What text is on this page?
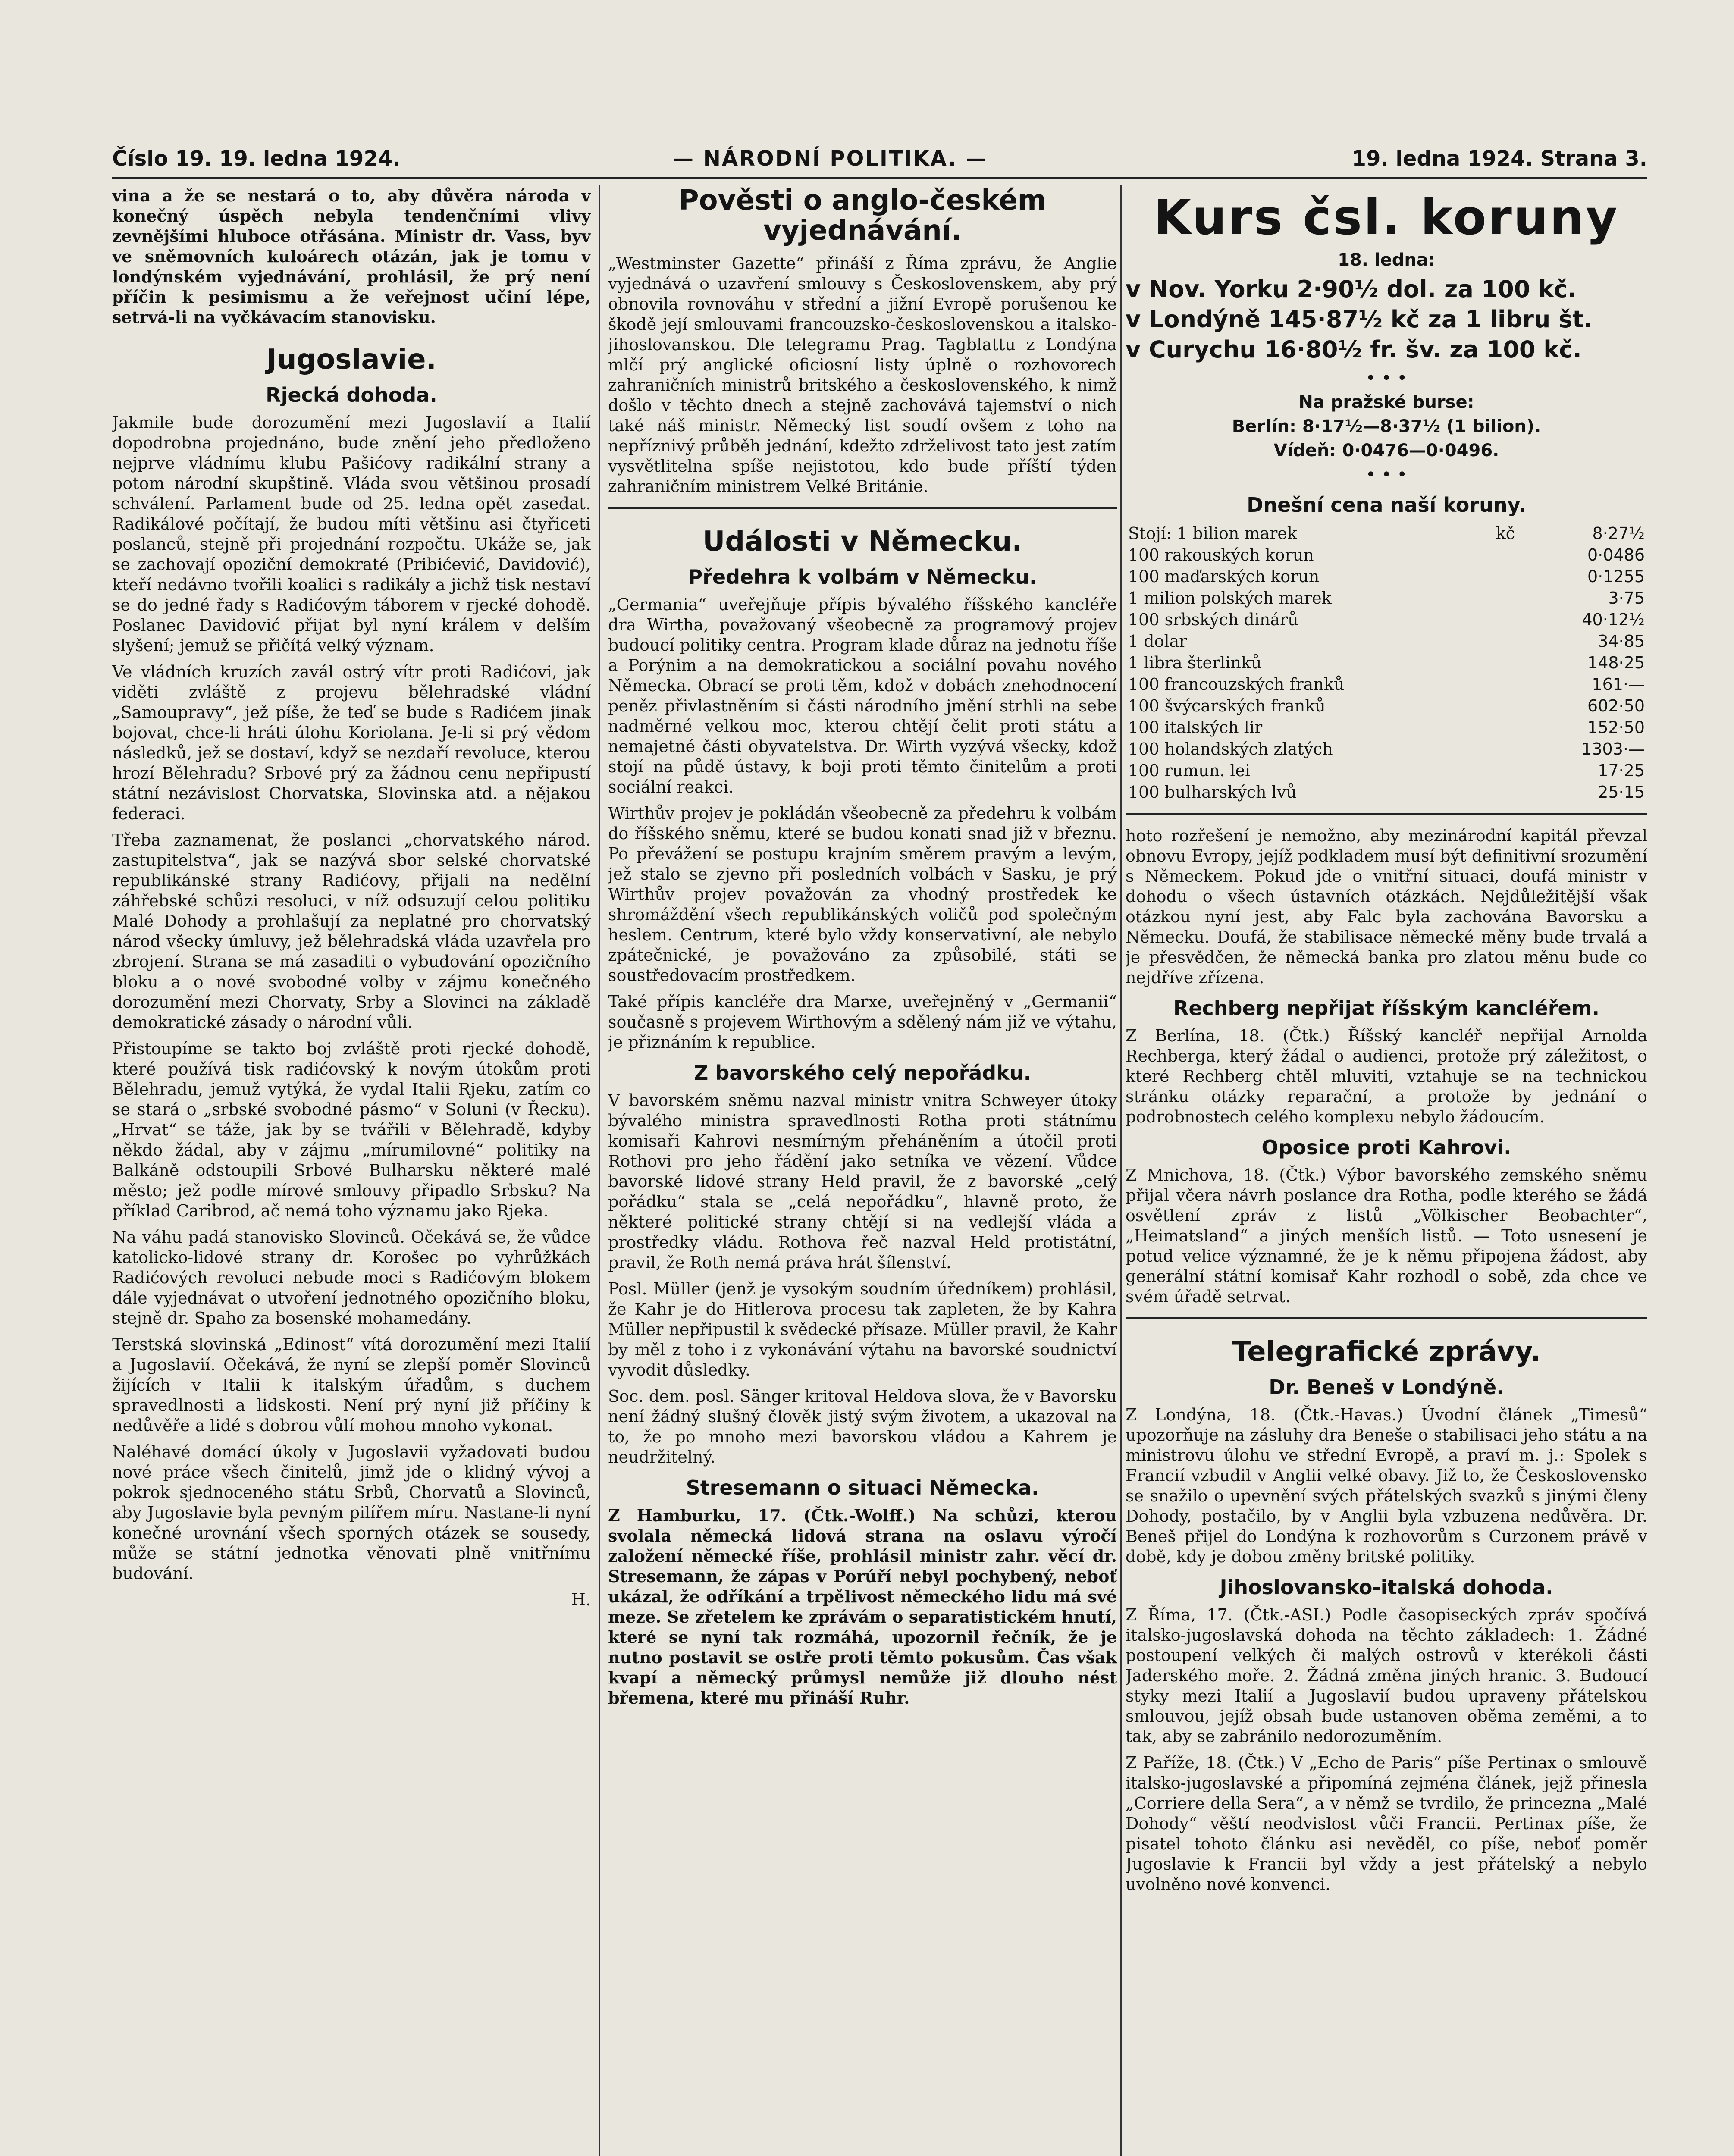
Číslo 19. 19. ledna 1924.	— NÁRODNÍ POLITIKA. —	19. ledna 1924. Strana 3.

vina a že se nestará o to, aby důvěra národa v konečný úspěch nebyla tendenčními vlivy zevnějšími hluboce otřásána. Ministr dr. Vass, byv ve sněmovních kuloárech otázán, jak je tomu v londýnském vyjednávání, prohlásil, že prý není příčin k pesimismu a že veřejnost učiní lépe, setrvá-li na vyčkávacím stanovisku.

Jugoslavie.
Rjecká dohoda.

Jakmile bude dorozumění mezi Jugoslavií a Italií dopodrobna projednáno, bude znění jeho předloženo nejprve vládnímu klubu Pašićovy radikální strany a potom národní skupštině. Vláda svou většinou prosadí schválení. Parlament bude od 25. ledna opět zasedat. Radikálové počítají, že budou míti většinu asi čtyřiceti poslanců, stejně při projednání rozpočtu. Ukáže se, jak se zachovají opoziční demokraté (Pribićević, Davidović), kteří nedávno tvořili koalici s radikály a jichž tisk nestaví se do jedné řady s Radićovým táborem v rjecké dohodě. Poslanec Davidović přijat byl nyní králem v delším slyšení; jemuž se přičítá velký význam.

Ve vládních kruzích zavál ostrý vítr proti Radićovi, jak viděti zvláště z projevu bělehradské vládní „Samoupravy“, jež píše, že teď se bude s Radićem jinak bojovat, chce-li hráti úlohu Koriolana. Je-li si prý vědom následků, jež se dostaví, když se nezdaří revoluce, kterou hrozí Bělehradu? Srbové prý za žádnou cenu nepřipustí státní nezávislost Chorvatska, Slovinska atd. a nějakou federaci.

Třeba zaznamenat, že poslanci „chorvatského národ. zastupitelstva“, jak se nazývá sbor selské chorvatské republikánské strany Radićovy, přijali na nedělní záhřebské schůzi resoluci, v níž odsuzují celou politiku Malé Dohody a prohlašují za neplatné pro chorvatský národ všecky úmluvy, jež bělehradská vláda uzavřela pro zbrojení. Strana se má zasaditi o vybudování opozičního bloku a o nové svobodné volby v zájmu konečného dorozumění mezi Chorvaty, Srby a Slovinci na základě demokratické zásady o národní vůli.

Přistoupíme se takto boj zvláště proti rjecké dohodě, které používá tisk radićovský k novým útokům proti Bělehradu, jemuž vytýká, že vydal Italii Rjeku, zatím co se stará o „srbské svobodné pásmo“ v Soluni (v Řecku). „Hrvat“ se táže, jak by se tvářili v Bělehradě, kdyby někdo žádal, aby v zájmu „mírumilovné“ politiky na Balkáně odstoupili Srbové Bulharsku některé malé město; jež podle mírové smlouvy připadlo Srbsku? Na příklad Caribrod, ač nemá toho významu jako Rjeka.

Na váhu padá stanovisko Slovinců. Očekává se, že vůdce katolicko-lidové strany dr. Korošec po vyhrůžkách Radićových revoluci nebude moci s Radićovým blokem dále vyjednávat o utvoření jednotného opozičního bloku, stejně dr. Spaho za bosenské mohamedány.

Terstská slovinská „Edinost“ vítá dorozumění mezi Italií a Jugoslavií. Očekává, že nyní se zlepší poměr Slovinců žijících v Italii k italským úřadům, s duchem spravedlnosti a lidskosti. Není prý nyní již příčiny k nedůvěře a lidé s dobrou vůlí mohou mnoho vykonat.

Naléhavé domácí úkoly v Jugoslavii vyžadovati budou nové práce všech činitelů, jimž jde o klidný vývoj a pokrok sjednoceného státu Srbů, Chorvatů a Slovinců, aby Jugoslavie byla pevným pilířem míru. Nastane-li nyní konečné urovnání všech sporných otázek se sousedy, může se státní jednotka věnovati plně vnitřnímu budování.

H.

Pověsti o anglo-českém vyjednávání.

„Westminster Gazette“ přináší z Říma zprávu, že Anglie vyjednává o uzavření smlouvy s Československem, aby prý obnovila rovnováhu v střední a jižní Evropě porušenou ke škodě její smlouvami francouzsko-československou a italsko-jihoslovanskou. Dle telegramu Prag. Tagblattu z Londýna mlčí prý anglické oficiosní listy úplně o rozhovorech zahraničních ministrů britského a československého, k nimž došlo v těchto dnech a stejně zachovává tajemství o nich také náš ministr. Německý list soudí ovšem z toho na nepříznivý průběh jednání, kdežto zdrželivost tato jest zatím vysvětlitelna spíše nejistotou, kdo bude příští týden zahraničním ministrem Velké Británie.

Události v Německu.
Předehra k volbám v Německu.

„Germania“ uveřejňuje přípis bývalého říšského kancléře dra Wirtha, považovaný všeobecně za programový projev budoucí politiky centra. Program klade důraz na jednotu říše a Porýnim a na demokratickou a sociální povahu nového Německa. Obrací se proti těm, kdož v dobách znehodnocení peněz přivlastněním si části národního jmění strhli na sebe nadměrné velkou moc, kterou chtějí čelit proti státu a nemajetné části obyvatelstva. Dr. Wirth vyzývá všecky, kdož stojí na půdě ústavy, k boji proti těmto činitelům a proti sociální reakci.

Wirthův projev je pokládán všeobecně za předehru k volbám do říšského sněmu, které se budou konati snad již v březnu. Po převážení se postupu krajním směrem pravým a levým, jež stalo se zjevno při posledních volbách v Sasku, je prý Wirthův projev považován za vhodný prostředek ke shromáždění všech republikánských voličů pod společným heslem. Centrum, které bylo vždy konservativní, ale nebylo zpátečnické, je považováno za způsobilé, státi se soustředovacím prostředkem.

Také přípis kancléře dra Marxe, uveřejněný v „Germanii“ současně s projevem Wirthovým a sdělený nám již ve výtahu, je přiznáním k republice.

Z bavorského celý nepořádku.

V bavorském sněmu nazval ministr vnitra Schweyer útoky bývalého ministra spravedlnosti Rotha proti státnímu komisaři Kahrovi nesmírným přeháněním a útočil proti Rothovi pro jeho řádění jako setníka ve vězení. Vůdce bavorské lidové strany Held pravil, že z bavorské „celý pořádku“ stala se „celá nepořádku“, hlavně proto, že některé politické strany chtějí si na vedlejší vláda a prostředky vládu. Rothova řeč nazval Held protistátní, pravil, že Roth nemá práva hrát šílenství.

Posl. Müller (jenž je vysokým soudním úředníkem) prohlásil, že Kahr je do Hitlerova procesu tak zapleten, že by Kahra Müller nepřipustil k svědecké přísaze. Müller pravil, že Kahr by měl z toho i z vykonávání výtahu na bavorské soudnictví vyvodit důsledky.

Soc. dem. posl. Sänger kritoval Heldova slova, že v Bavorsku není žádný slušný člověk jistý svým životem, a ukazoval na to, že po mnoho mezi bavorskou vládou a Kahrem je neudržitelný.

Stresemann o situaci Německa.

Z Hamburku, 17. (Čtk.-Wolff.) Na schůzi, kterou svolala německá lidová strana na oslavu výročí založení německé říše, prohlásil ministr zahr. věcí dr. Stresemann, že zápas v Porúří nebyl pochybený, neboť ukázal, že odříkání a trpělivost německého lidu má své meze. Se zřetelem ke zprávám o separatistickém hnutí, které se nyní tak rozmáhá, upozornil řečník, že je nutno postavit se ostře proti těmto pokusům. Čas však kvapí a německý průmysl nemůže již dlouho nést břemena, které mu přináší Ruhr.

Kurs čsl. koruny
18. ledna:
v Nov. Yorku 2·90½ dol. za 100 kč.
v Londýně 145·87½ kč za 1 libru št.
v Curychu 16·80½ fr. šv. za 100 kč.
• • •
Na pražské burse:
Berlín: 8·17½—8·37½ (1 bilion).
Vídeň: 0·0476—0·0496.
• • •
Dnešní cena naší koruny.
Stojí: 1 bilion marek	kč	8·27½
100 rakouských korun		0·0486
100 maďarských korun		0·1255
1 milion polských marek		3·75
100 srbských dinárů		40·12½
1 dolar		34·85
1 libra šterlinků		148·25
100 francouzských franků		161·—
100 švýcarských franků		602·50
100 italských lir		152·50
100 holandských zlatých		1303·—
100 rumun. lei		17·25
100 bulharských lvů		25·15

hoto rozřešení je nemožno, aby mezinárodní kapitál převzal obnovu Evropy, jejíž podkladem musí být definitivní srozumění s Německem. Pokud jde o vnitřní situaci, doufá ministr v dohodu o všech ústavních otázkách. Nejdůležitější však otázkou nyní jest, aby Falc byla zachována Bavorsku a Německu. Doufá, že stabilisace německé měny bude trvalá a je přesvědčen, že německá banka pro zlatou měnu bude co nejdříve zřízena.

Rechberg nepřijat říšským kancléřem.

Z Berlína, 18. (Čtk.) Říšský kancléř nepřijal Arnolda Rechberga, který žádal o audienci, protože prý záležitost, o které Rechberg chtěl mluviti, vztahuje se na technickou stránku otázky reparační, a protože by jednání o podrobnostech celého komplexu nebylo žádoucím.

Oposice proti Kahrovi.

Z Mnichova, 18. (Čtk.) Výbor bavorského zemského sněmu přijal včera návrh poslance dra Rotha, podle kterého se žádá osvětlení zpráv z listů „Völkischer Beobachter“, „Heimatsland“ a jiných menších listů. — Toto usnesení je potud velice významné, že je k němu připojena žádost, aby generální státní komisař Kahr rozhodl o sobě, zda chce ve svém úřadě setrvat.

Telegrafické zprávy.
Dr. Beneš v Londýně.

Z Londýna, 18. (Čtk.-Havas.) Úvodní článek „Timesů“ upozorňuje na zásluhy dra Beneše o stabilisaci jeho státu a na ministrovu úlohu ve střední Evropě, a praví m. j.: Spolek s Francií vzbudil v Anglii velké obavy. Již to, že Československo se snažilo o upevnění svých přátelských svazků s jinými členy Dohody, postačilo, by v Anglii byla vzbuzena nedůvěra. Dr. Beneš přijel do Londýna k rozhovorům s Curzonem právě v době, kdy je dobou změny britské politiky.

Jihoslovansko-italská dohoda.

Z Říma, 17. (Čtk.-ASI.) Podle časopiseckých zpráv spočívá italsko-jugoslavská dohoda na těchto základech: 1. Žádné postoupení velkých či malých ostrovů v kterékoli části Jaderského moře. 2. Žádná změna jiných hranic. 3. Budoucí styky mezi Italií a Jugoslavií budou upraveny přátelskou smlouvou, jejíž obsah bude ustanoven oběma zeměmi, a to tak, aby se zabránilo nedorozuměním.

Z Paříže, 18. (Čtk.) V „Echo de Paris“ píše Pertinax o smlouvě italsko-jugoslavské a připomíná zejména článek, jejž přinesla „Corriere della Sera“, a v němž se tvrdilo, že princezna „Malé Dohody“ věští neodvislost vůči Francii. Pertinax píše, že pisatel tohoto článku asi nevěděl, co píše, neboť poměr Jugoslavie k Francii byl vždy a jest přátelský a nebylo uvolněno nové konvenci.
